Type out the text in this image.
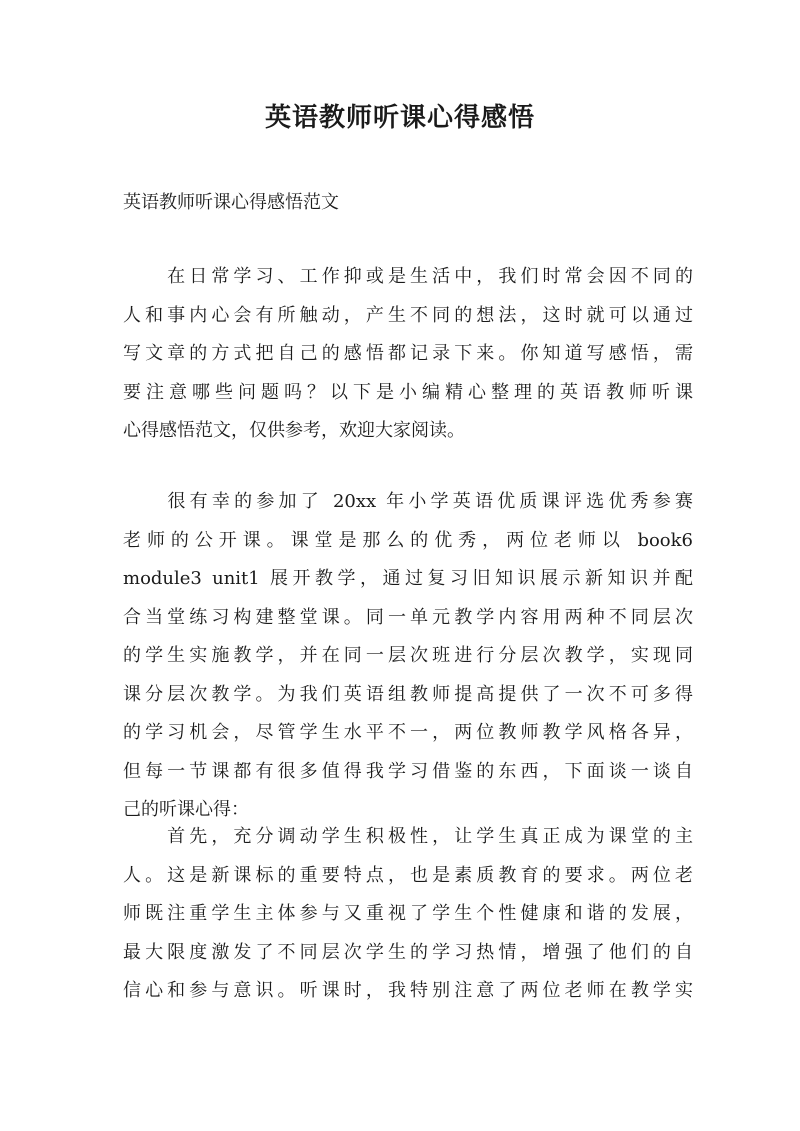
英语教师听课心得感悟

英语教师听课心得感悟范文

　　在日常学习、工作抑或是生活中，我们时常会因不同的
人和事内心会有所触动，产生不同的想法，这时就可以通过
写文章的方式把自己的感悟都记录下来。你知道写感悟，需
要注意哪些问题吗？以下是小编精心整理的英语教师听课
心得感悟范文，仅供参考，欢迎大家阅读。
　　很有幸的参加了 20xx 年小学英语优质课评选优秀参赛
老师的公开课。课堂是那么的优秀，两位老师以 book6
module3 unit1 展开教学，通过复习旧知识展示新知识并配
合当堂练习构建整堂课。同一单元教学内容用两种不同层次
的学生实施教学，并在同一层次班进行分层次教学，实现同
课分层次教学。为我们英语组教师提高提供了一次不可多得
的学习机会，尽管学生水平不一，两位教师教学风格各异，
但每一节课都有很多值得我学习借鉴的东西，下面谈一谈自
己的听课心得：
　　首先，充分调动学生积极性，让学生真正成为课堂的主
人。这是新课标的重要特点，也是素质教育的要求。两位老
师既注重学生主体参与又重视了学生个性健康和谐的发展，
最大限度激发了不同层次学生的学习热情，增强了他们的自
信心和参与意识。听课时，我特别注意了两位老师在教学实
